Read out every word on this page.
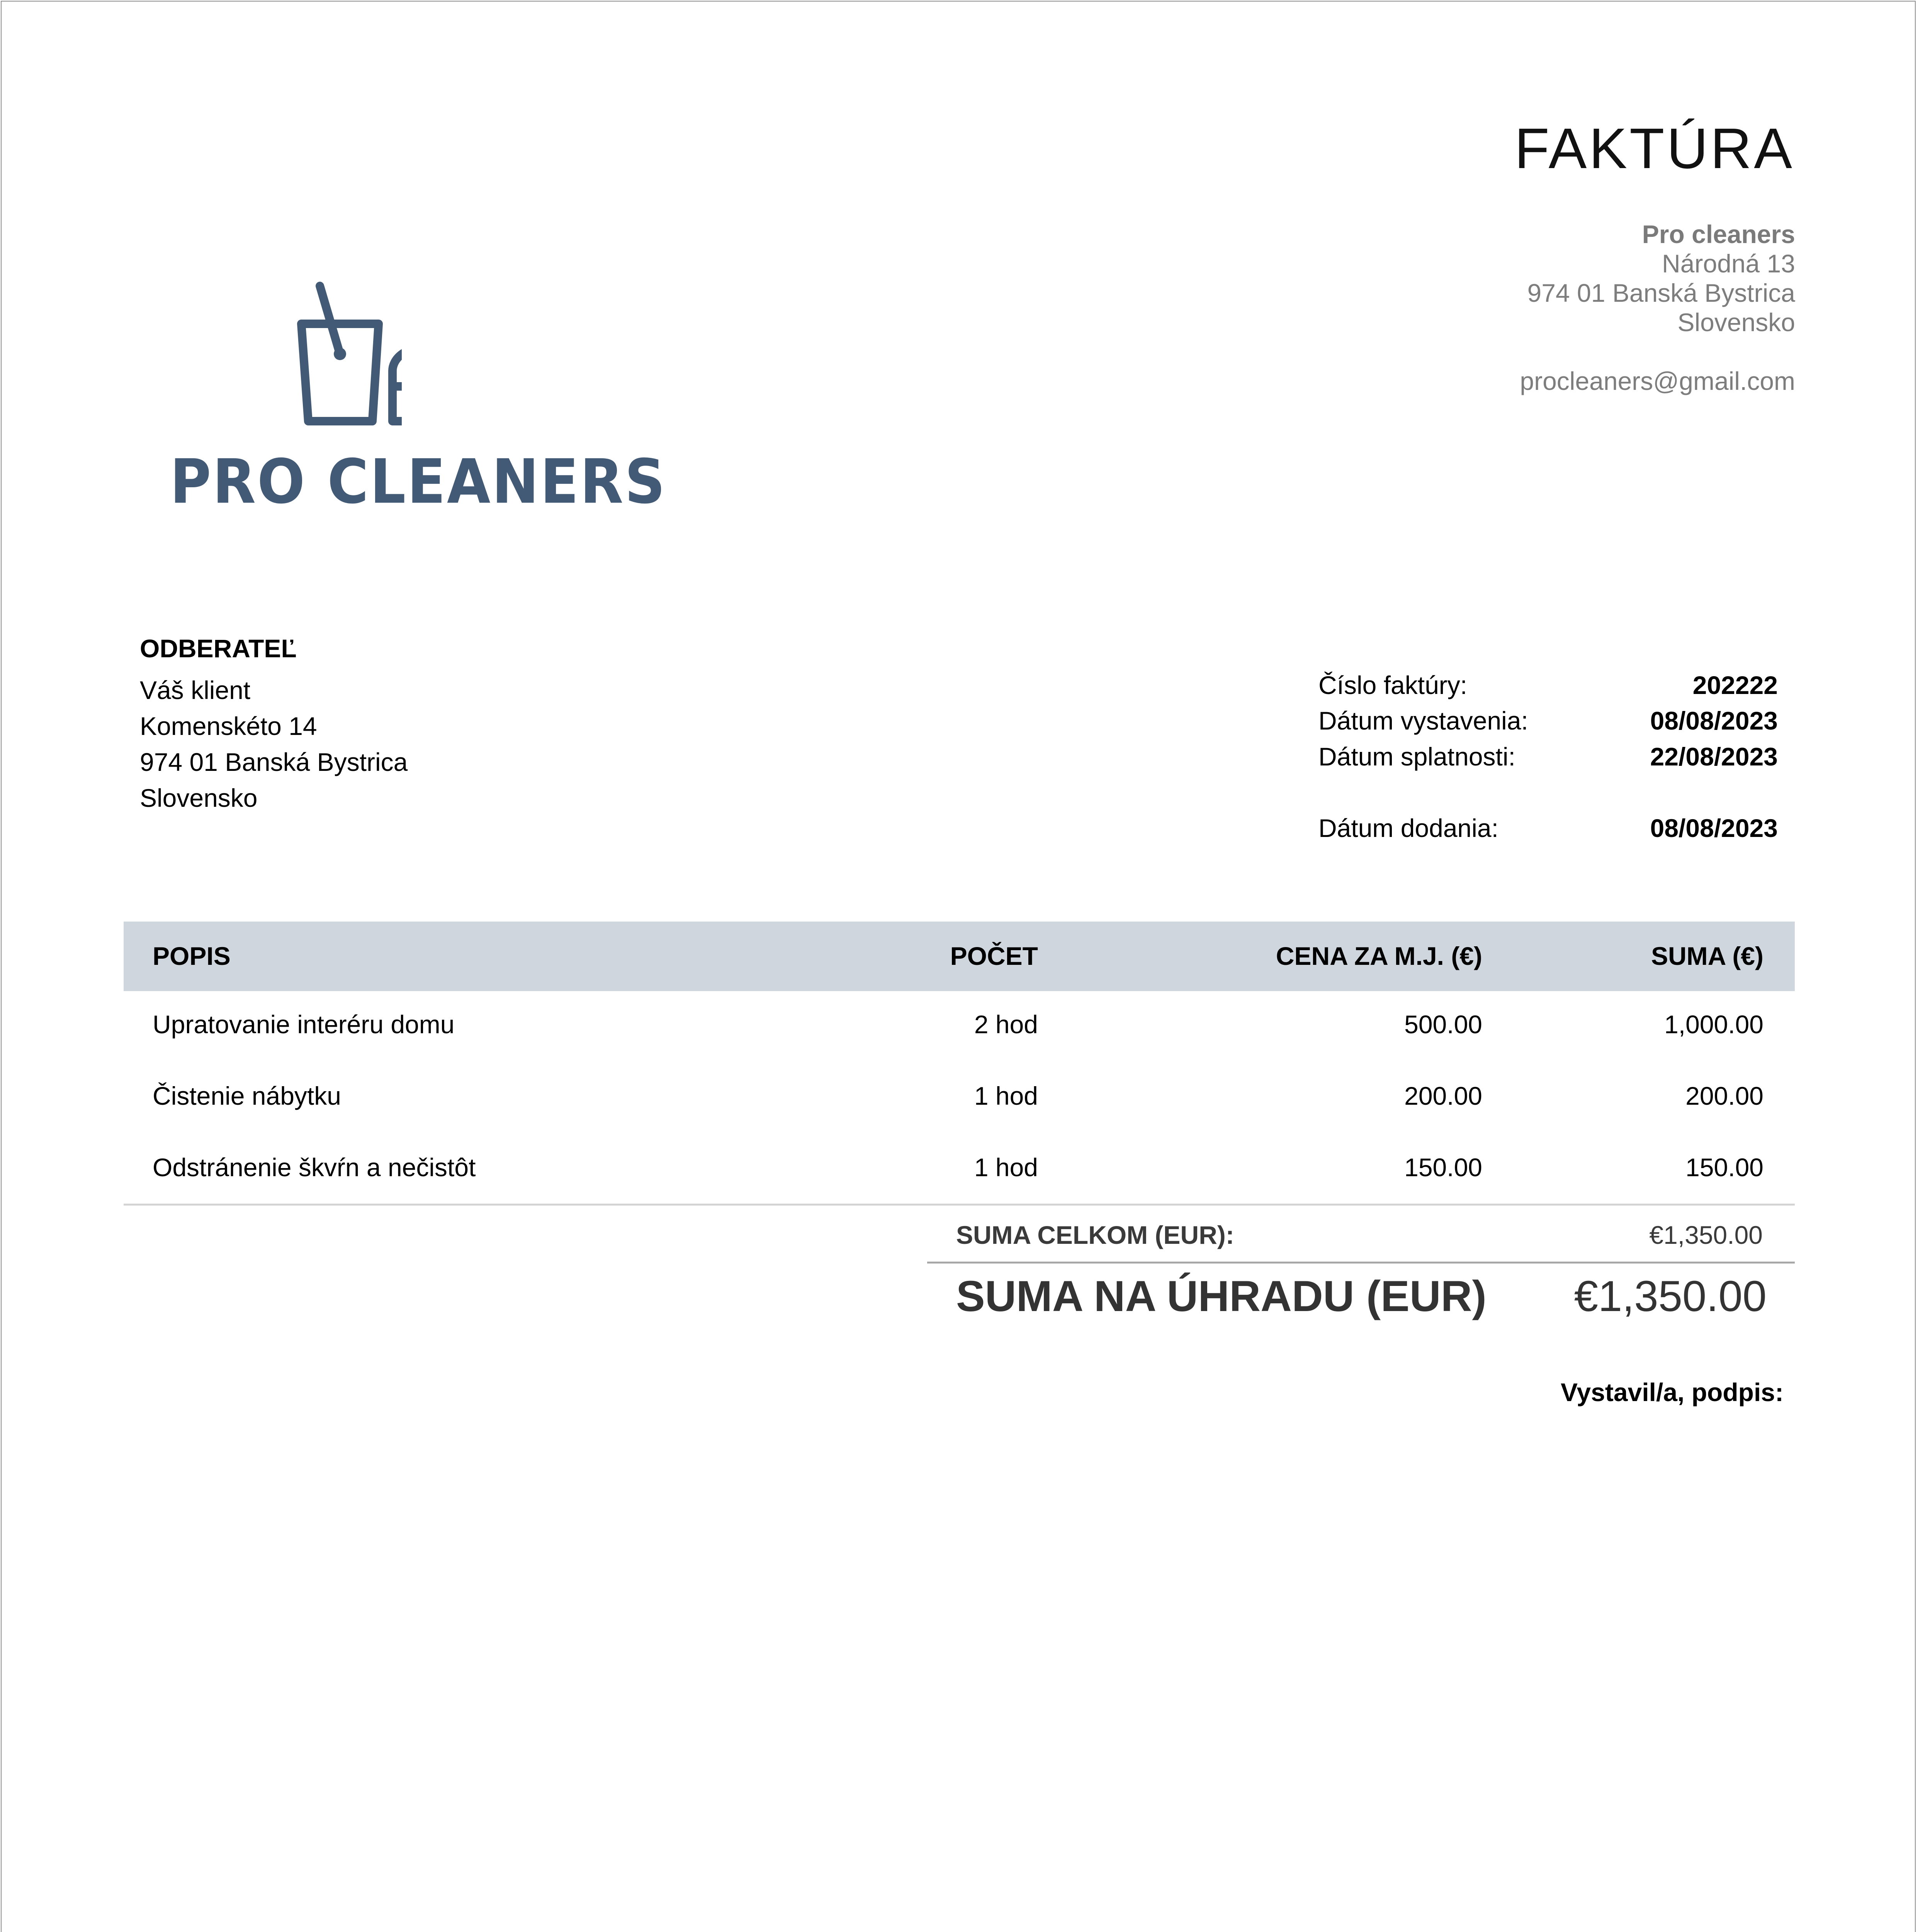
FAKTÚRA
Pro cleaners
Národná 13
974 01 Banská Bystrica
Slovensko
procleaners@gmail.com
PRO CLEANERS
ODBERATEĽ
Váš klient
Komenskéto 14
974 01 Banská Bystrica
Slovensko
Číslo faktúry:	202222
Dátum vystavenia:	08/08/2023
Dátum splatnosti:	22/08/2023
Dátum dodania:	08/08/2023
POPIS	POČET	CENA ZA M.J. (€)	SUMA (€)
Upratovanie interéru domu	2 hod	500.00	1,000.00
Čistenie nábytku	1 hod	200.00	200.00
Odstránenie škvŕn a nečistôt	1 hod	150.00	150.00
SUMA CELKOM (EUR):	€1,350.00
SUMA NA ÚHRADU (EUR) €1,350.00
Vystavil/a, podpis:
